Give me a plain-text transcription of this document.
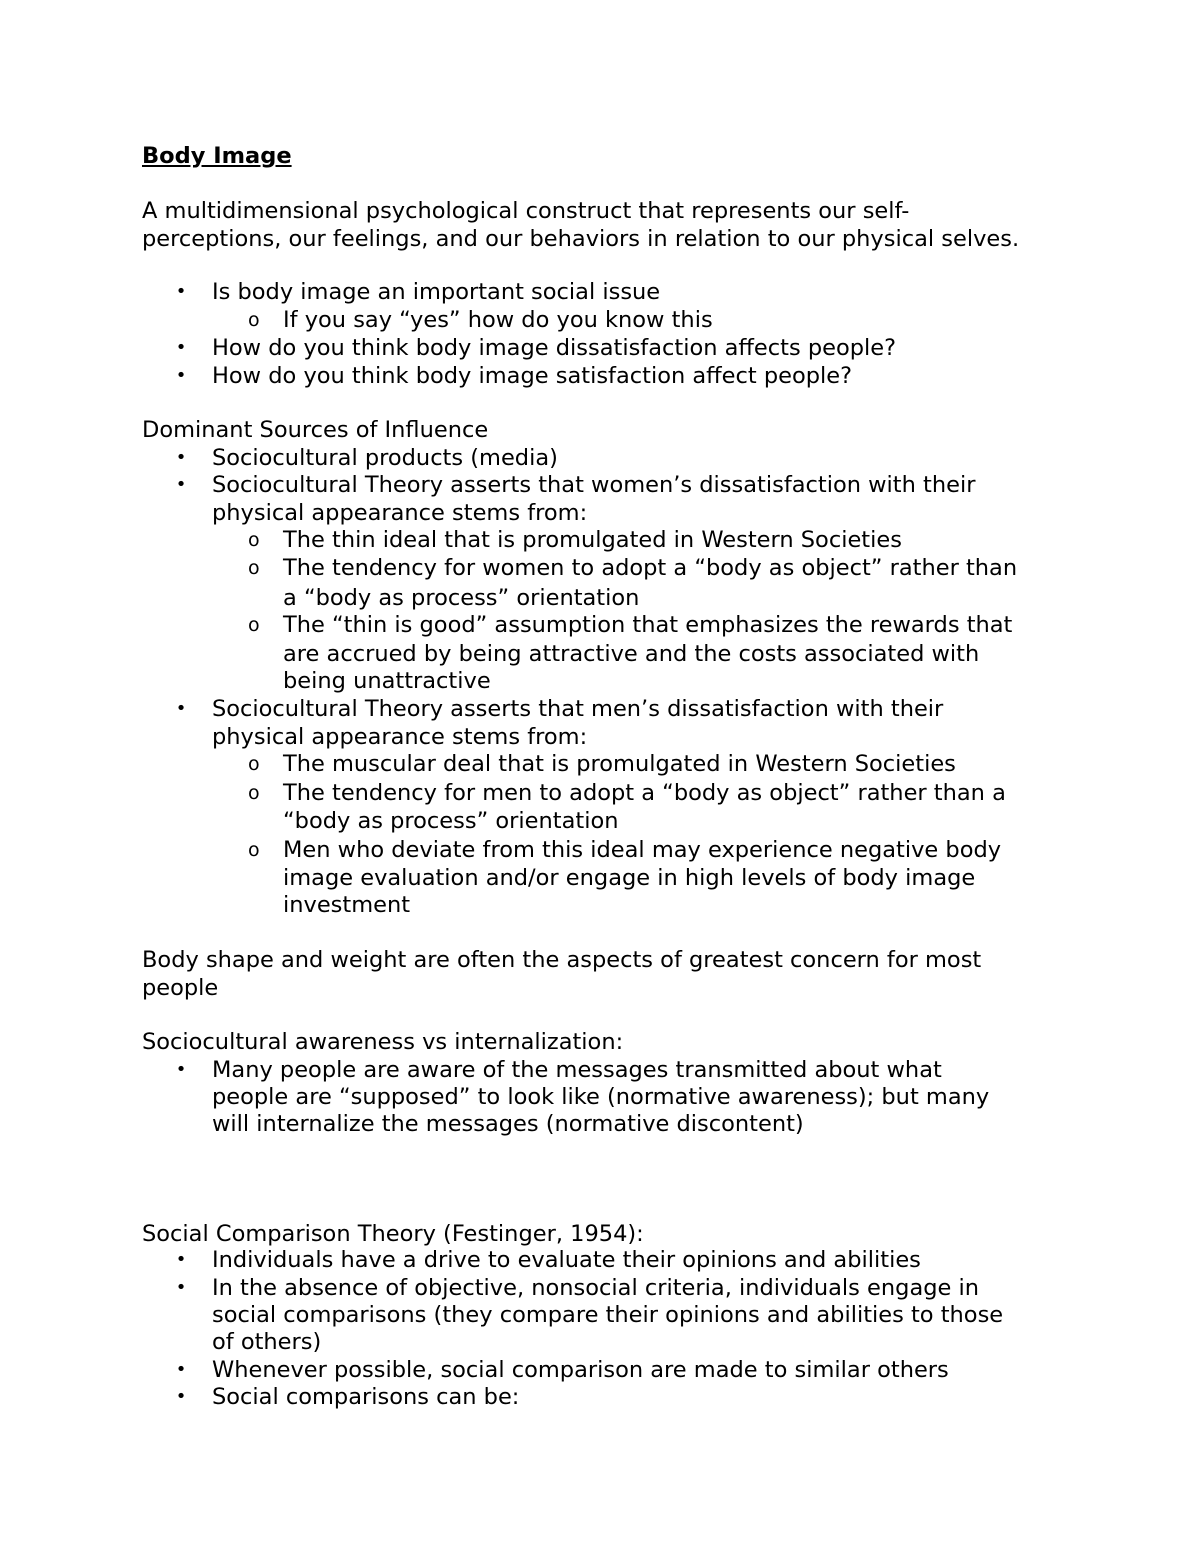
Body Image
A multidimensional psychological construct that represents our self-
perceptions, our feelings, and our behaviors in relation to our physical selves.
• Is body image an important social issue
o If you say “yes” how do you know this
• How do you think body image dissatisfaction affects people?
• How do you think body image satisfaction affect people?
Dominant Sources of Influence
• Sociocultural products (media)
• Sociocultural Theory asserts that women’s dissatisfaction with their
physical appearance stems from:
o The thin ideal that is promulgated in Western Societies
o The tendency for women to adopt a “body as object” rather than
a “body as process” orientation
o The “thin is good” assumption that emphasizes the rewards that
are accrued by being attractive and the costs associated with
being unattractive
• Sociocultural Theory asserts that men’s dissatisfaction with their
physical appearance stems from:
o The muscular deal that is promulgated in Western Societies
o The tendency for men to adopt a “body as object” rather than a
“body as process” orientation
o Men who deviate from this ideal may experience negative body
image evaluation and/or engage in high levels of body image
investment
Body shape and weight are often the aspects of greatest concern for most
people
Sociocultural awareness vs internalization:
• Many people are aware of the messages transmitted about what
people are “supposed” to look like (normative awareness); but many
will internalize the messages (normative discontent)
Social Comparison Theory (Festinger, 1954):
• Individuals have a drive to evaluate their opinions and abilities
• In the absence of objective, nonsocial criteria, individuals engage in
social comparisons (they compare their opinions and abilities to those
of others)
• Whenever possible, social comparison are made to similar others
• Social comparisons can be:
